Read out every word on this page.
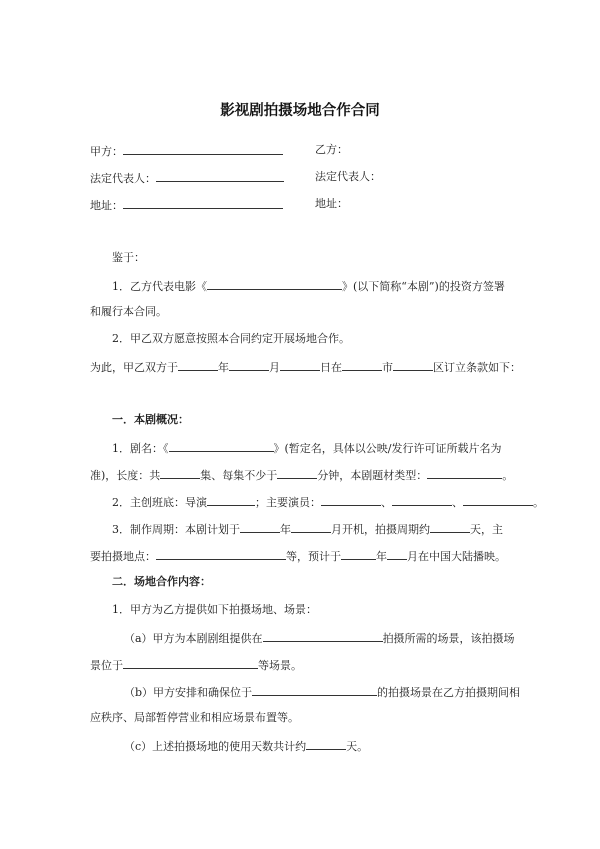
影视剧拍摄场地合作合同
甲方：	乙方：
法定代表人：	法定代表人：
地址：	地址：
鉴于：
1．乙方代表电影《	》(以下简称“本剧”)的投资方签署
和履行本合同。
2．甲乙双方愿意按照本合同约定开展场地合作。
为此，甲乙双方于	年	月	日在	市	区订立条款如下：
一．本剧概况：
1．剧名：《	》(暂定名，具体以公映/发行许可证所载片名为
准)，长度：共	集、每集不少于	分钟，本剧题材类型：	。
2．主创班底：导演	；主要演员：	、	、	。
3．制作周期：本剧计划于	年	月开机，拍摄周期约	天，主
要拍摄地点：	等，预计于	年 月在中国大陆播映。
二．场地合作内容：
1．甲方为乙方提供如下拍摄场地、场景：
（a）甲方为本剧剧组提供在	拍摄所需的场景，该拍摄场
景位于	等场景。
（b）甲方安排和确保位于	的拍摄场景在乙方拍摄期间相
应秩序、局部暂停营业和相应场景布置等。
（c）上述拍摄场地的使用天数共计约	天。
